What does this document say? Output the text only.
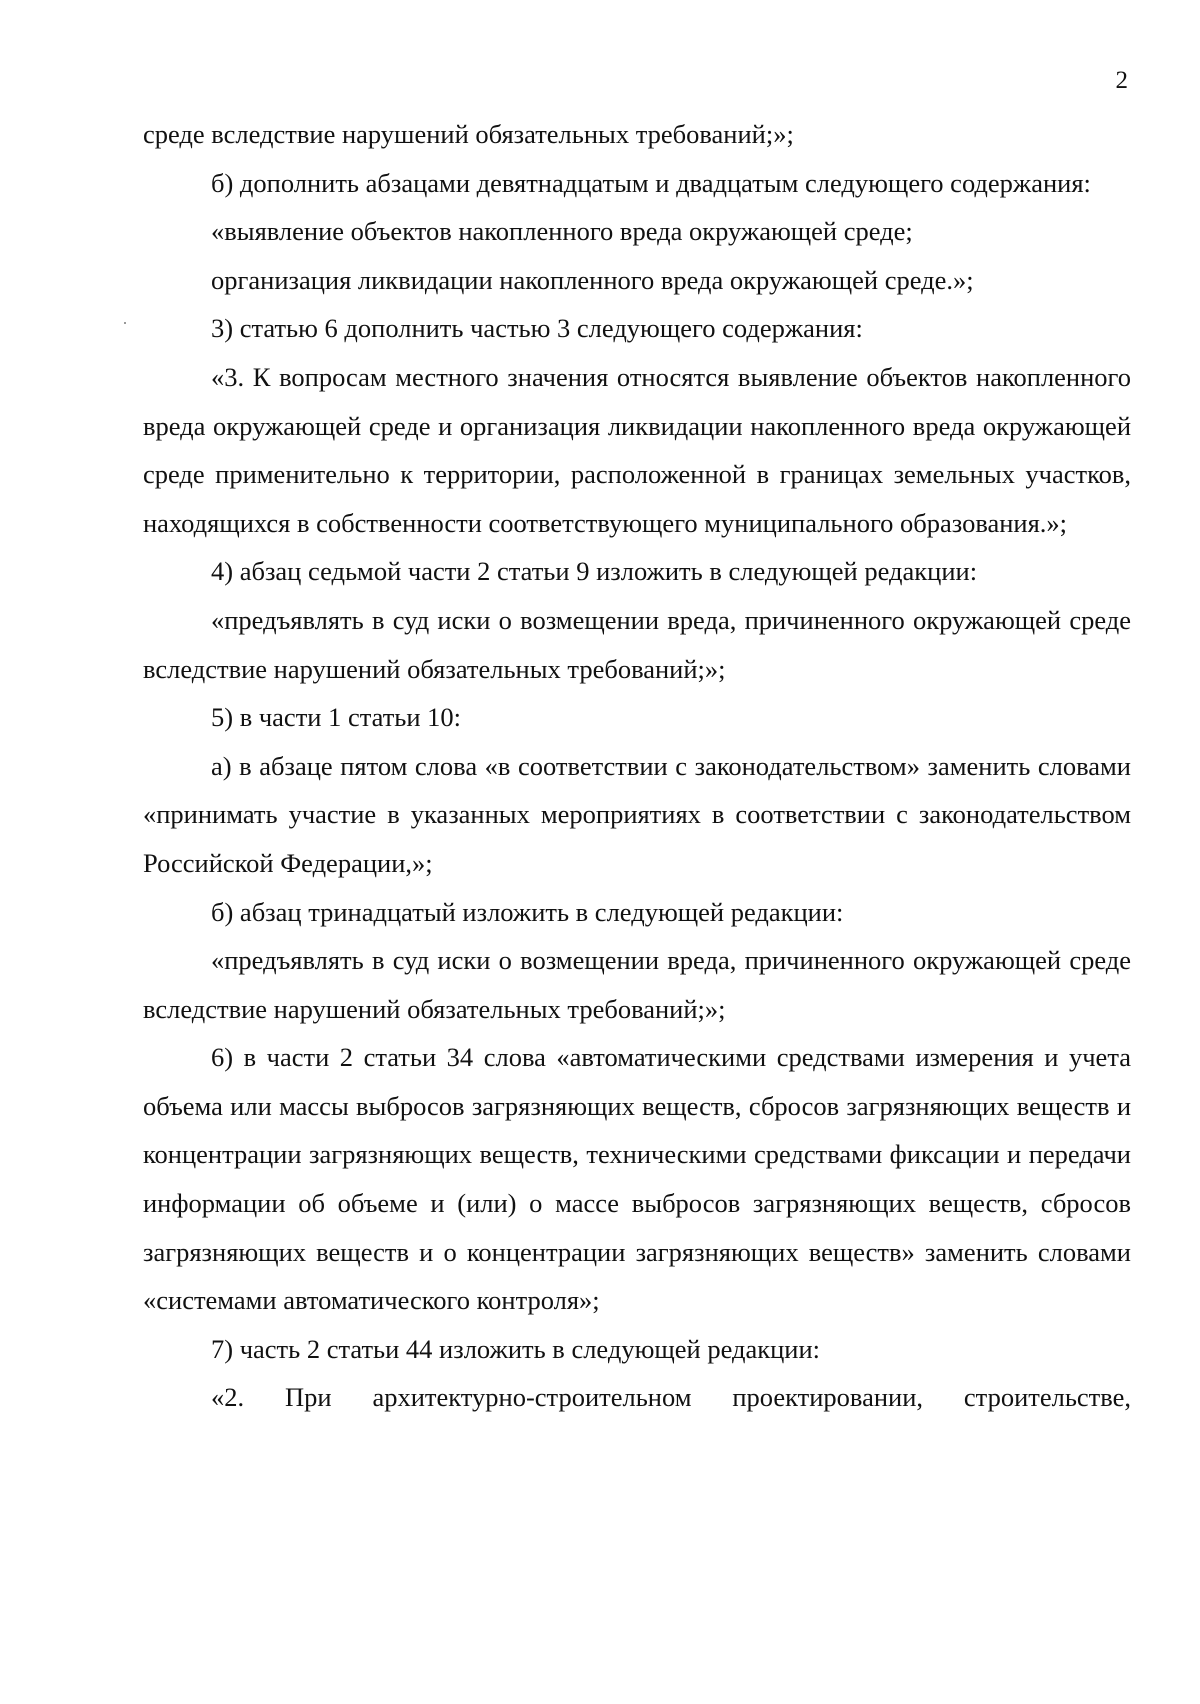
2

среде вследствие нарушений обязательных требований;»;

б) дополнить абзацами девятнадцатым и двадцатым следующего содержания:

«выявление объектов накопленного вреда окружающей среде;

организация ликвидации накопленного вреда окружающей среде.»;

3) статью 6 дополнить частью 3 следующего содержания:

«3. К вопросам местного значения относятся выявление объектов накопленного вреда окружающей среде и организация ликвидации накопленного вреда окружающей среде применительно к территории, расположенной в границах земельных участков, находящихся в собственности соответствующего муниципального образования.»;

4) абзац седьмой части 2 статьи 9 изложить в следующей редакции:

«предъявлять в суд иски о возмещении вреда, причиненного окружающей среде вследствие нарушений обязательных требований;»;

5) в части 1 статьи 10:

а) в абзаце пятом слова «в соответствии с законодательством» заменить словами «принимать участие в указанных мероприятиях в соответствии с законодательством Российской Федерации,»;

б) абзац тринадцатый изложить в следующей редакции:

«предъявлять в суд иски о возмещении вреда, причиненного окружающей среде вследствие нарушений обязательных требований;»;

6) в части 2 статьи 34 слова «автоматическими средствами измерения и учета объема или массы выбросов загрязняющих веществ, сбросов загрязняющих веществ и концентрации загрязняющих веществ, техническими средствами фиксации и передачи информации об объеме и (или) о массе выбросов загрязняющих веществ, сбросов загрязняющих веществ и о концентрации загрязняющих веществ» заменить словами «системами автоматического контроля»;

7) часть 2 статьи 44 изложить в следующей редакции:

«2. При архитектурно-строительном проектировании, строительстве,
